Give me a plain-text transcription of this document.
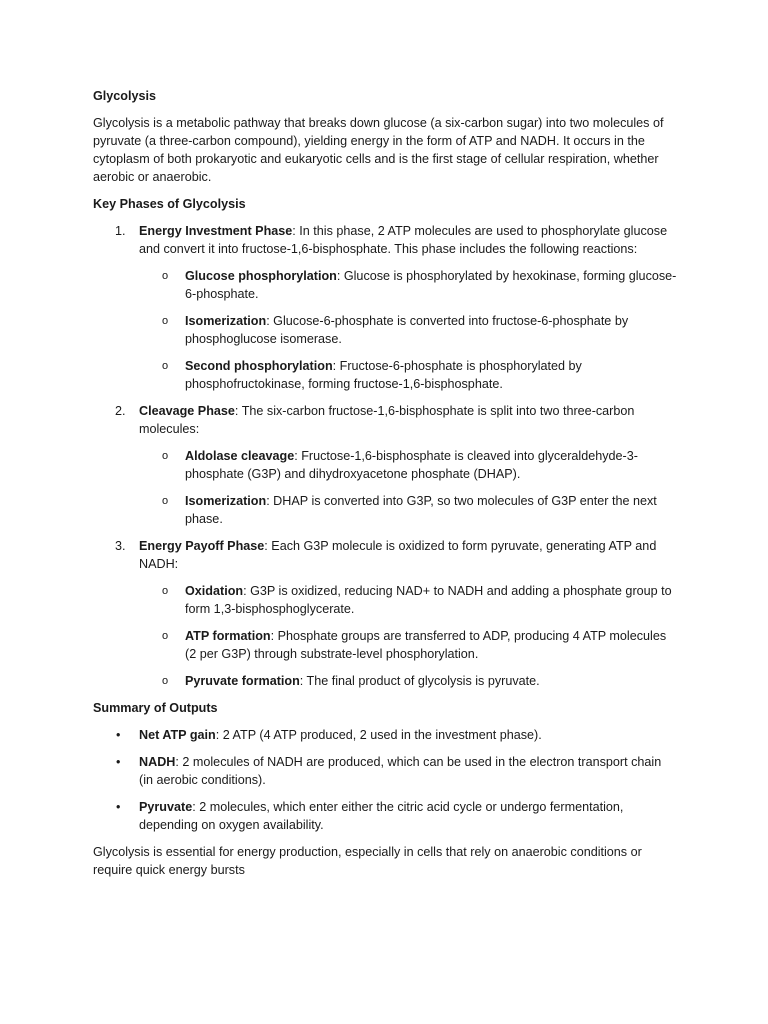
Glycolysis

Glycolysis is a metabolic pathway that breaks down glucose (a six-carbon sugar) into two molecules of pyruvate (a three-carbon compound), yielding energy in the form of ATP and NADH. It occurs in the cytoplasm of both prokaryotic and eukaryotic cells and is the first stage of cellular respiration, whether aerobic or anaerobic.

Key Phases of Glycolysis

1. Energy Investment Phase: In this phase, 2 ATP molecules are used to phosphorylate glucose and convert it into fructose-1,6-bisphosphate. This phase includes the following reactions:

o Glucose phosphorylation: Glucose is phosphorylated by hexokinase, forming glucose-6-phosphate.
o Isomerization: Glucose-6-phosphate is converted into fructose-6-phosphate by phosphoglucose isomerase.
o Second phosphorylation: Fructose-6-phosphate is phosphorylated by phosphofructokinase, forming fructose-1,6-bisphosphate.
2. Cleavage Phase: The six-carbon fructose-1,6-bisphosphate is split into two three-carbon molecules:

o Aldolase cleavage: Fructose-1,6-bisphosphate is cleaved into glyceraldehyde-3-phosphate (G3P) and dihydroxyacetone phosphate (DHAP).
o Isomerization: DHAP is converted into G3P, so two molecules of G3P enter the next phase.
3. Energy Payoff Phase: Each G3P molecule is oxidized to form pyruvate, generating ATP and NADH:

o Oxidation: G3P is oxidized, reducing NAD+ to NADH and adding a phosphate group to form 1,3-bisphosphoglycerate.
o ATP formation: Phosphate groups are transferred to ADP, producing 4 ATP molecules (2 per G3P) through substrate-level phosphorylation.
o Pyruvate formation: The final product of glycolysis is pyruvate.

Summary of Outputs

• Net ATP gain: 2 ATP (4 ATP produced, 2 used in the investment phase).
• NADH: 2 molecules of NADH are produced, which can be used in the electron transport chain (in aerobic conditions).
• Pyruvate: 2 molecules, which enter either the citric acid cycle or undergo fermentation, depending on oxygen availability.

Glycolysis is essential for energy production, especially in cells that rely on anaerobic conditions or require quick energy bursts
